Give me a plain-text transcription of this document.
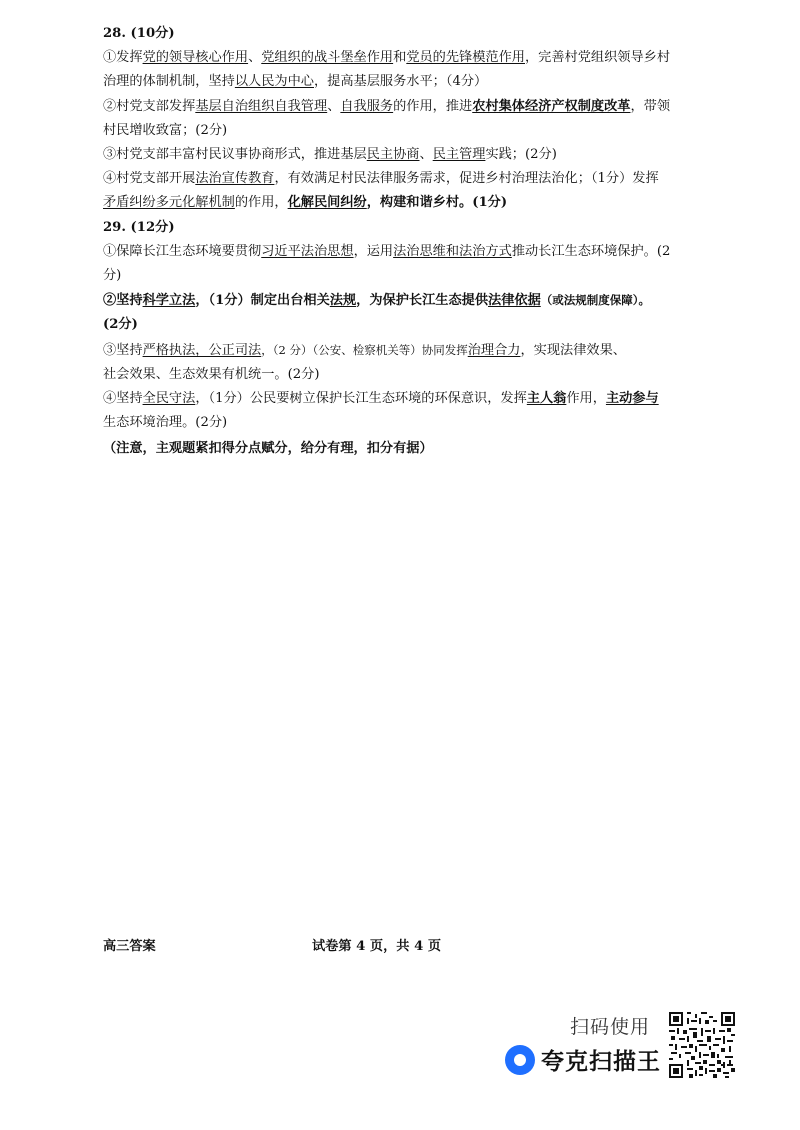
28. (10分)
①发挥党的领导核心作用、党组织的战斗堡垒作用和党员的先锋模范作用，完善村党组织领导乡村
治理的体制机制，坚持以人民为中心，提高基层服务水平；（4分）
②村党支部发挥基层自治组织自我管理、自我服务的作用，推进农村集体经济产权制度改革，带领
村民增收致富；(2分)
③村党支部丰富村民议事协商形式，推进基层民主协商、民主管理实践；(2分)
④村党支部开展法治宣传教育，有效满足村民法律服务需求，促进乡村治理法治化；（1分）发挥
矛盾纠纷多元化解机制的作用，化解民间纠纷，构建和谐乡村。(1分)
29. (12分)
①保障长江生态环境要贯彻习近平法治思想，运用法治思维和法治方式推动长江生态环境保护。(2
分)
②坚持科学立法，（1分）制定出台相关法规，为保护长江生态提供法律依据（或法规制度保障）。
(2分)
③坚持严格执法，公正司法，（2 分）（公安、检察机关等）协同发挥治理合力，实现法律效果、
社会效果、生态效果有机统一。(2分)
④坚持全民守法，（1分）公民要树立保护长江生态环境的环保意识，发挥主人翁作用，主动参与
生态环境治理。(2分)
（注意，主观题紧扣得分点赋分，给分有理，扣分有据）
高三答案	试卷第 4 页，共 4 页
扫码使用
夸克扫描王
